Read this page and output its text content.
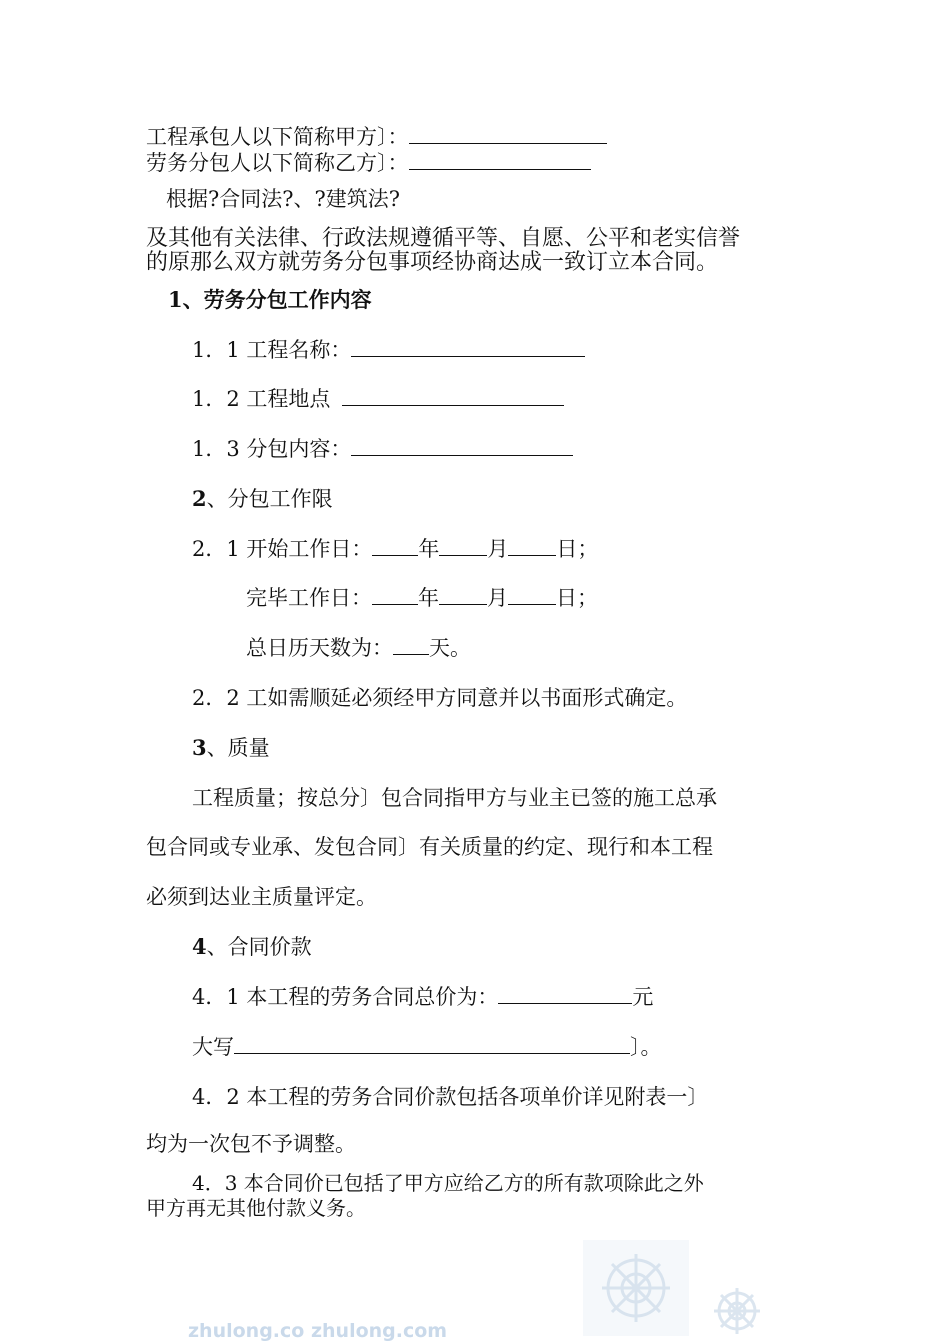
工程承包人以下简称甲方〕：
劳务分包人以下简称乙方〕：
根据?合同法?、?建筑法?
及其他有关法律、行政法规遵循平等、自愿、公平和老实信誉
的原那么双方就劳务分包事项经协商达成一致订立本合同。
1、劳务分包工作内容
1．1 工程名称：
1．2 工程地点
1．3 分包内容：
2、分包工作限
2．1 开始工作日： 年 月 日；
完毕工作日： 年 月 日；
总日历天数为： 天。
2．2 工如需顺延必须经甲方同意并以书面形式确定。
3、质量
工程质量；按总分〕包合同指甲方与业主已签的施工总承
包合同或专业承、发包合同〕有关质量的约定、现行和本工程
必须到达业主质量评定。
4、合同价款
4．1 本工程的劳务合同总价为：	元
大写	〕。
4．2 本工程的劳务合同价款包括各项单价详见附表一〕
均为一次包不予调整。
4．3 本合同价已包括了甲方应给乙方的所有款项除此之外
甲方再无其他付款义务。
zhulong.co zhulong.com
